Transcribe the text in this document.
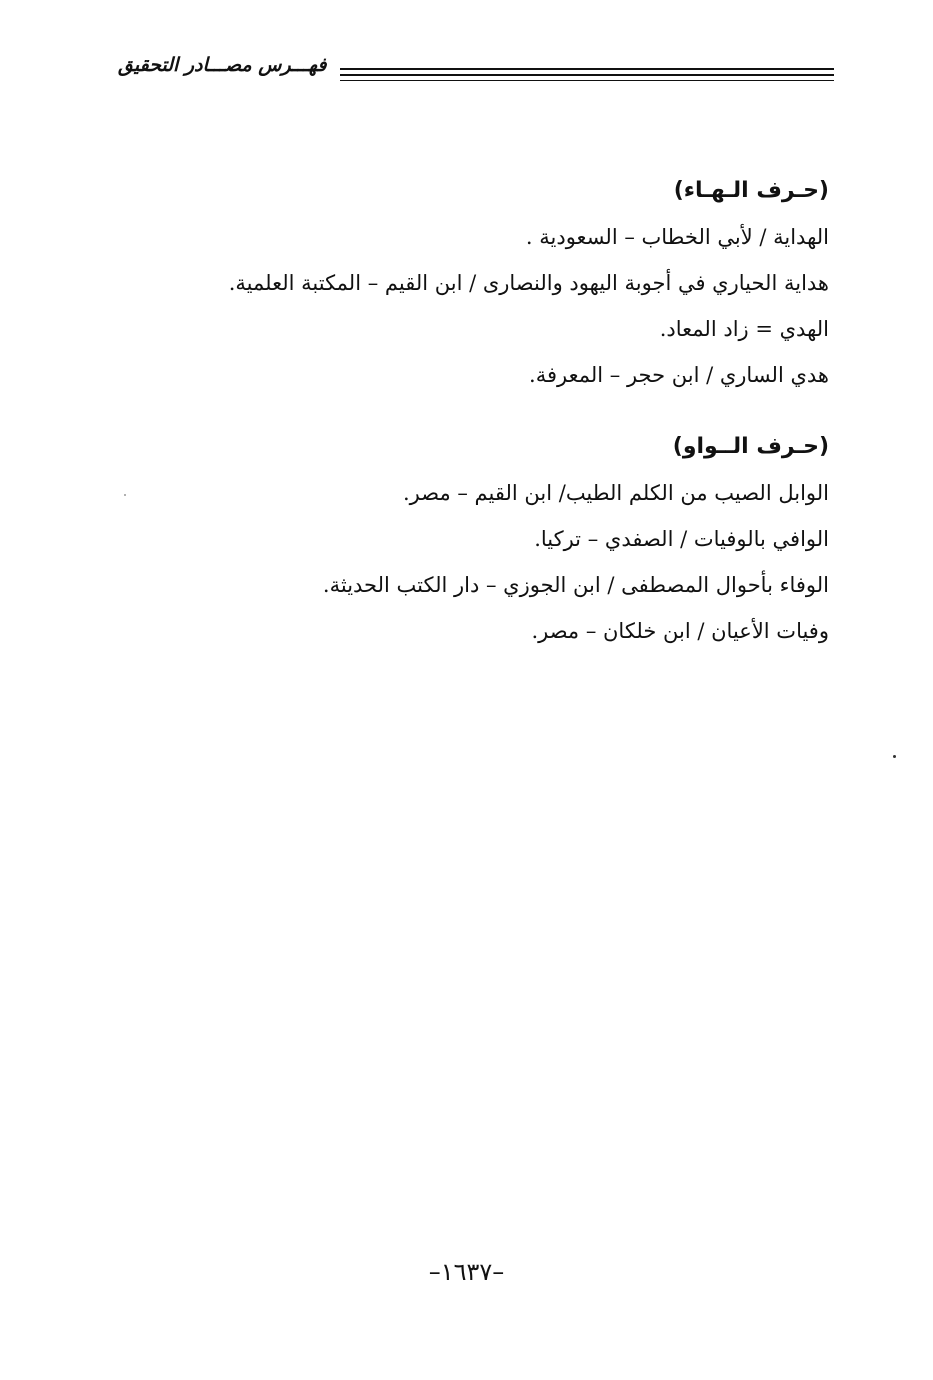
فهـــرس مصـــادر التحقيق
(حـرف الـهـاء)
الهداية / لأبي الخطاب – السعودية .
هداية الحياري في أجوبة اليهود والنصارى / ابن القيم – المكتبة العلمية.
الهدي = زاد المعاد.
هدي الساري / ابن حجر – المعرفة.
(حـرف الــواو)
الوابل الصيب من الكلم الطيب/ ابن القيم – مصر.
الوافي بالوفيات / الصفدي – تركيا.
الوفاء بأحوال المصطفى / ابن الجوزي – دار الكتب الحديثة.
وفيات الأعيان / ابن خلكان – مصر.
–١٦٣٧–
